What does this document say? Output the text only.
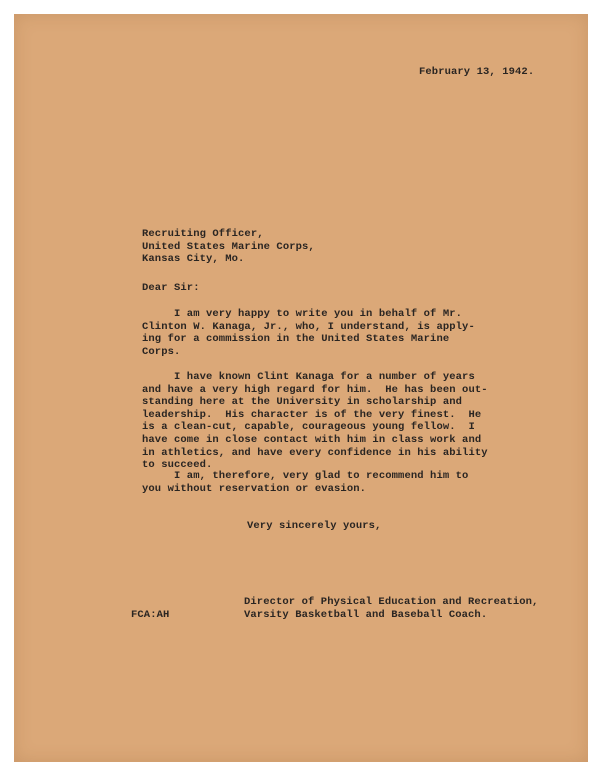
February 13, 1942.
Recruiting Officer,
United States Marine Corps,
Kansas City, Mo.
Dear Sir:
I am very happy to write you in behalf of Mr.
Clinton W. Kanaga, Jr., who, I understand, is apply-
ing for a commission in the United States Marine
Corps.
I have known Clint Kanaga for a number of years
and have a very high regard for him.  He has been out-
standing here at the University in scholarship and
leadership.  His character is of the very finest.  He
is a clean-cut, capable, courageous young fellow.  I
have come in close contact with him in class work and
in athletics, and have every confidence in his ability
to succeed.
I am, therefore, very glad to recommend him to
you without reservation or evasion.
Very sincerely yours,
FCA:AH
Director of Physical Education and Recreation,
Varsity Basketball and Baseball Coach.
